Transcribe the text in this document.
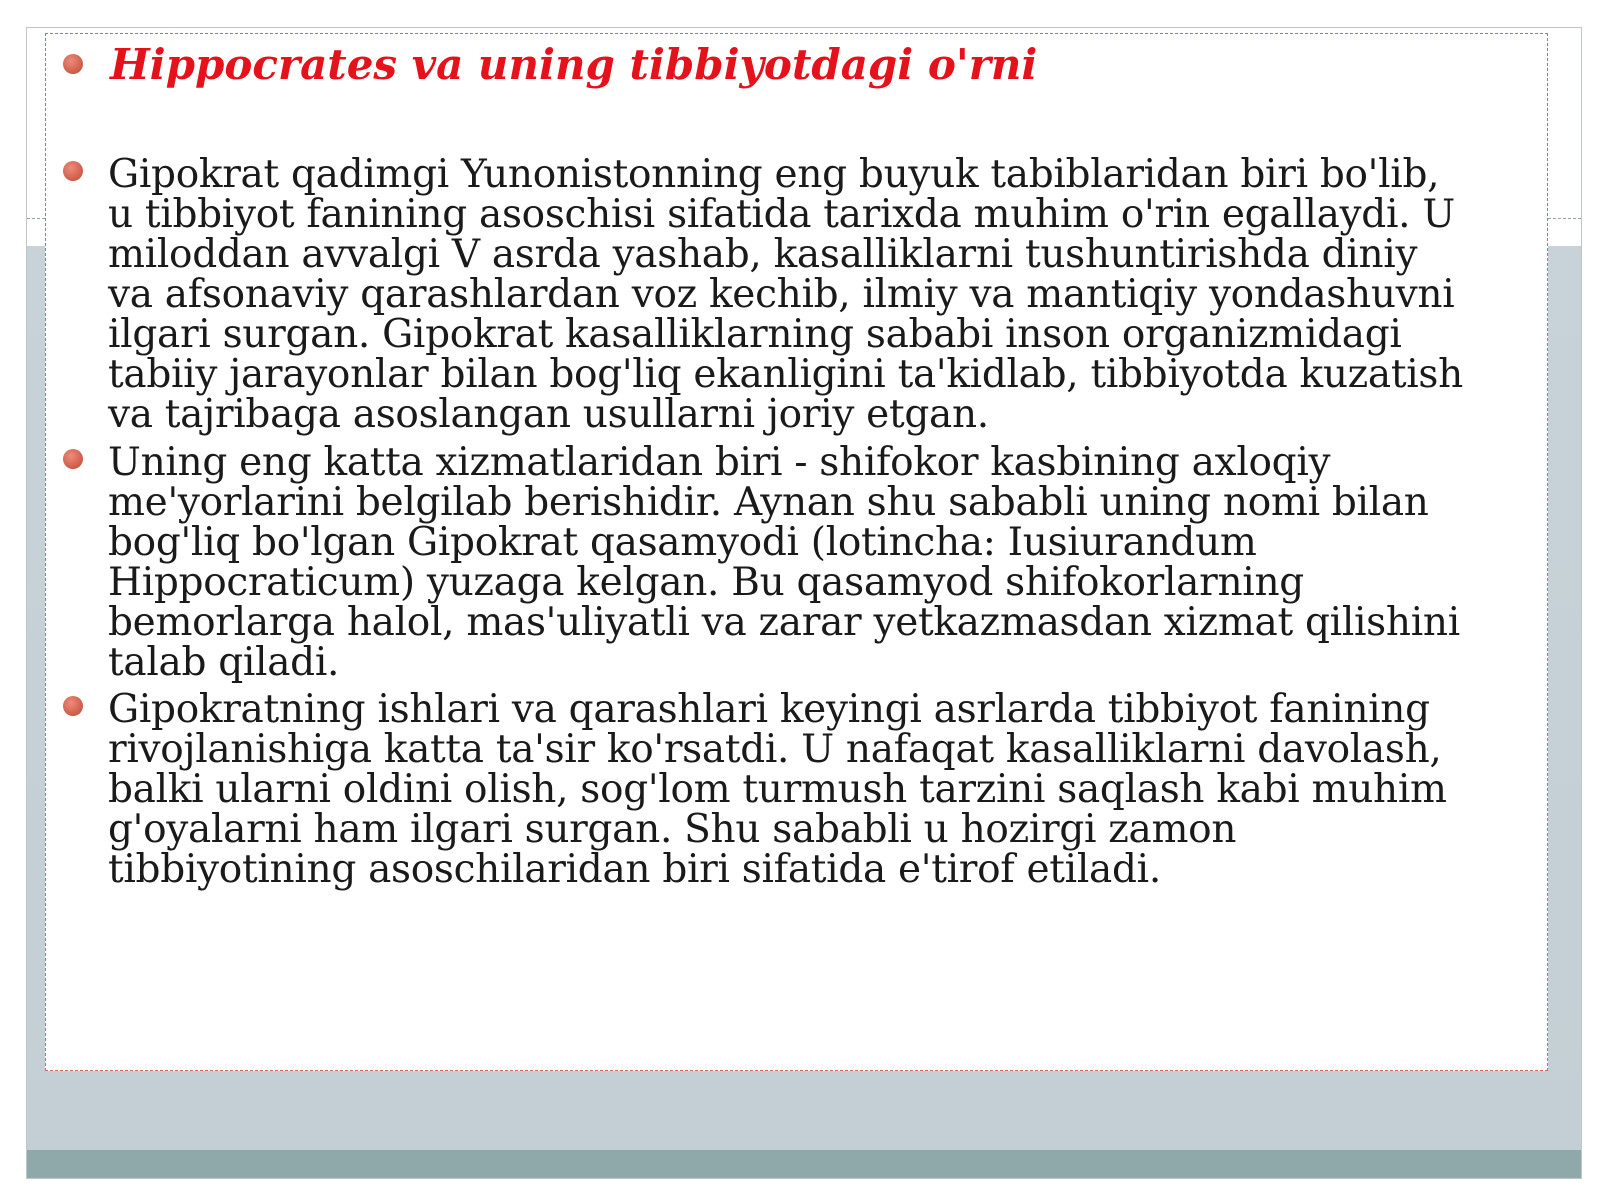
Hippocrates va uning tibbiyotdagi o'rni

Gipokrat qadimgi Yunonistonning eng buyuk tabiblaridan biri bo'lib,
u tibbiyot fanining asoschisi sifatida tarixda muhim o'rin egallaydi. U
miloddan avvalgi V asrda yashab, kasalliklarni tushuntirishda diniy
va afsonaviy qarashlardan voz kechib, ilmiy va mantiqiy yondashuvni
ilgari surgan. Gipokrat kasalliklarning sababi inson organizmidagi
tabiiy jarayonlar bilan bog'liq ekanligini ta'kidlab, tibbiyotda kuzatish
va tajribaga asoslangan usullarni joriy etgan.

Uning eng katta xizmatlaridan biri - shifokor kasbining axloqiy
me'yorlarini belgilab berishidir. Aynan shu sababli uning nomi bilan
bog'liq bo'lgan Gipokrat qasamyodi (lotincha: Iusiurandum
Hippocraticum) yuzaga kelgan. Bu qasamyod shifokorlarning
bemorlarga halol, mas'uliyatli va zarar yetkazmasdan xizmat qilishini
talab qiladi.

Gipokratning ishlari va qarashlari keyingi asrlarda tibbiyot fanining
rivojlanishiga katta ta'sir ko'rsatdi. U nafaqat kasalliklarni davolash,
balki ularni oldini olish, sog'lom turmush tarzini saqlash kabi muhim
g'oyalarni ham ilgari surgan. Shu sababli u hozirgi zamon
tibbiyotining asoschilaridan biri sifatida e'tirof etiladi.
